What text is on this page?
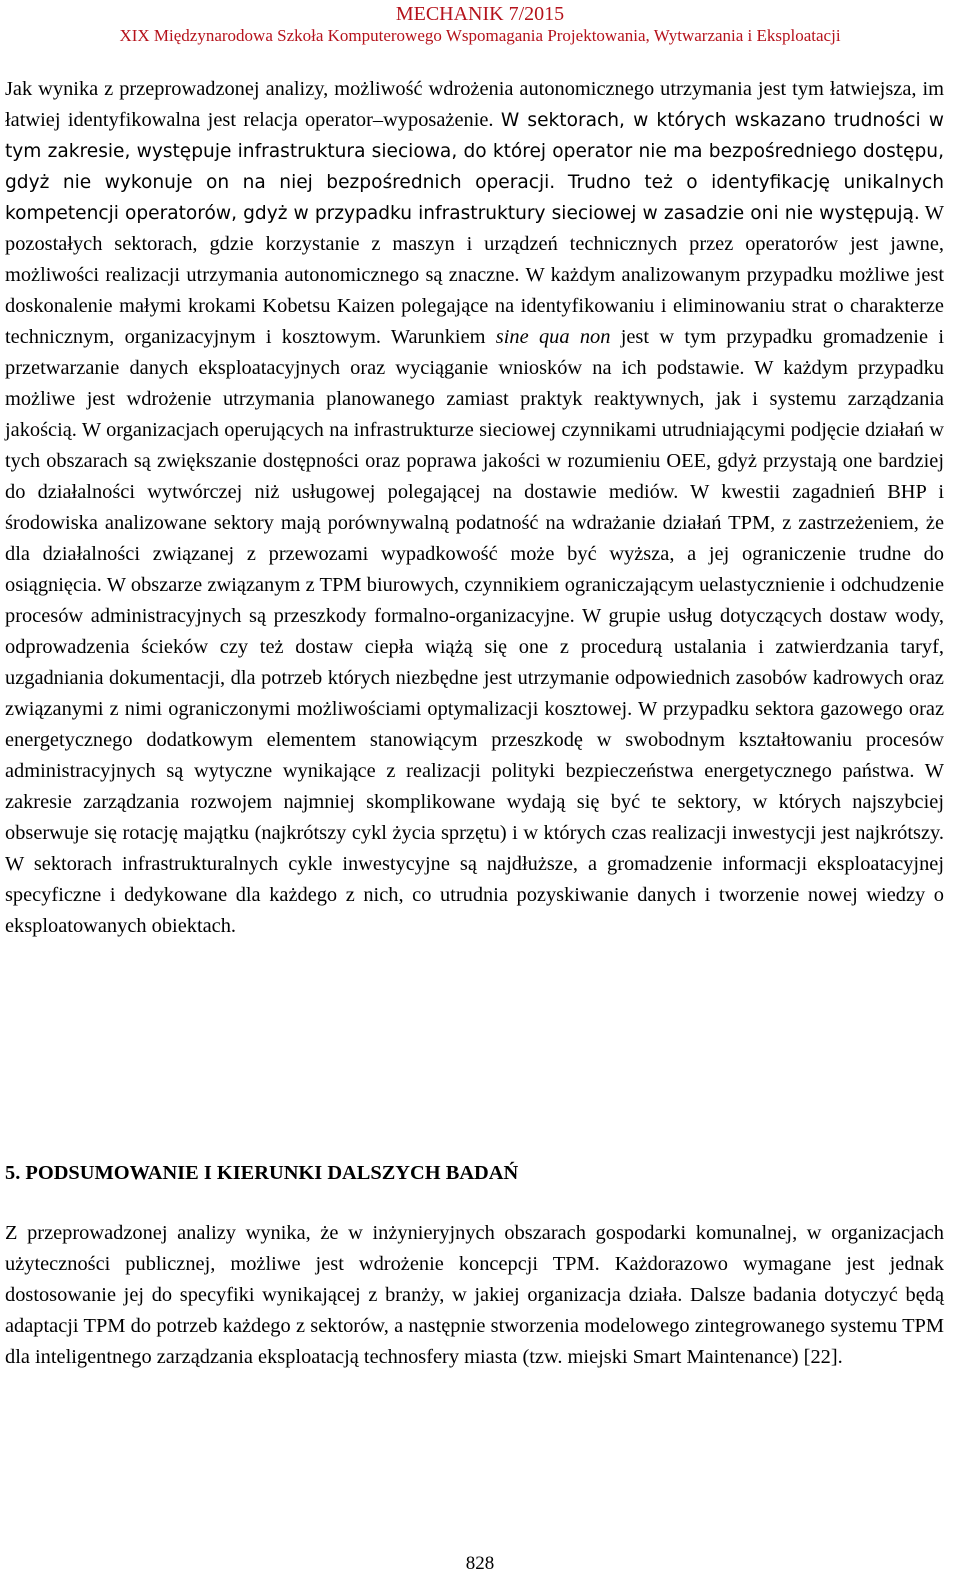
MECHANIK 7/2015
XIX Międzynarodowa Szkoła Komputerowego Wspomagania Projektowania, Wytwarzania i Eksploatacji

Jak wynika z przeprowadzonej analizy, możliwość wdrożenia autonomicznego utrzymania jest tym łatwiejsza, im łatwiej identyfikowalna jest relacja operator–wyposażenie. W sektorach, w których wskazano trudności w tym zakresie, występuje infrastruktura sieciowa, do której operator nie ma bezpośredniego dostępu, gdyż nie wykonuje on na niej bezpośrednich operacji. Trudno też o identyfikację unikalnych kompetencji operatorów, gdyż w przypadku infrastruktury sieciowej w zasadzie oni nie występują. W pozostałych sektorach, gdzie korzystanie z maszyn i urządzeń technicznych przez operatorów jest jawne, możliwości realizacji utrzymania autonomicznego są znaczne. W każdym analizowanym przypadku możliwe jest doskonalenie małymi krokami Kobetsu Kaizen polegające na identyfikowaniu i eliminowaniu strat o charakterze technicznym, organizacyjnym i kosztowym. Warunkiem sine qua non jest w tym przypadku gromadzenie i przetwarzanie danych eksploatacyjnych oraz wyciąganie wniosków na ich podstawie. W każdym przypadku możliwe jest wdrożenie utrzymania planowanego zamiast praktyk reaktywnych, jak i systemu zarządzania jakością. W organizacjach operujących na infrastrukturze sieciowej czynnikami utrudniającymi podjęcie działań w tych obszarach są zwiększanie dostępności oraz poprawa jakości w rozumieniu OEE, gdyż przystają one bardziej do działalności wytwórczej niż usługowej polegającej na dostawie mediów. W kwestii zagadnień BHP i środowiska analizowane sektory mają porównywalną podatność na wdrażanie działań TPM, z zastrzeżeniem, że dla działalności związanej z przewozami wypadkowość może być wyższa, a jej ograniczenie trudne do osiągnięcia. W obszarze związanym z TPM biurowych, czynnikiem ograniczającym uelastycznienie i odchudzenie procesów administracyjnych są przeszkody formalno-organizacyjne. W grupie usług dotyczących dostaw wody, odprowadzenia ścieków czy też dostaw ciepła wiążą się one z procedurą ustalania i zatwierdzania taryf, uzgadniania dokumentacji, dla potrzeb których niezbędne jest utrzymanie odpowiednich zasobów kadrowych oraz związanymi z nimi ograniczonymi możliwościami optymalizacji kosztowej. W przypadku sektora gazowego oraz energetycznego dodatkowym elementem stanowiącym przeszkodę w swobodnym kształtowaniu procesów administracyjnych są wytyczne wynikające z realizacji polityki bezpieczeństwa energetycznego państwa. W zakresie zarządzania rozwojem najmniej skomplikowane wydają się być te sektory, w których najszybciej obserwuje się rotację majątku (najkrótszy cykl życia sprzętu) i w których czas realizacji inwestycji jest najkrótszy. W sektorach infrastrukturalnych cykle inwestycyjne są najdłuższe, a gromadzenie informacji eksploatacyjnej specyficzne i dedykowane dla każdego z nich, co utrudnia pozyskiwanie danych i tworzenie nowej wiedzy o eksploatowanych obiektach.

5. PODSUMOWANIE I KIERUNKI DALSZYCH BADAŃ
Z przeprowadzonej analizy wynika, że w inżynieryjnych obszarach gospodarki komunalnej, w organizacjach użyteczności publicznej, możliwe jest wdrożenie koncepcji TPM. Każdorazowo wymagane jest jednak dostosowanie jej do specyfiki wynikającej z branży, w jakiej organizacja działa. Dalsze badania dotyczyć będą adaptacji TPM do potrzeb każdego z sektorów, a następnie stworzenia modelowego zintegrowanego systemu TPM dla inteligentnego zarządzania eksploatacją technosfery miasta (tzw. miejski Smart Maintenance) [22].
828
